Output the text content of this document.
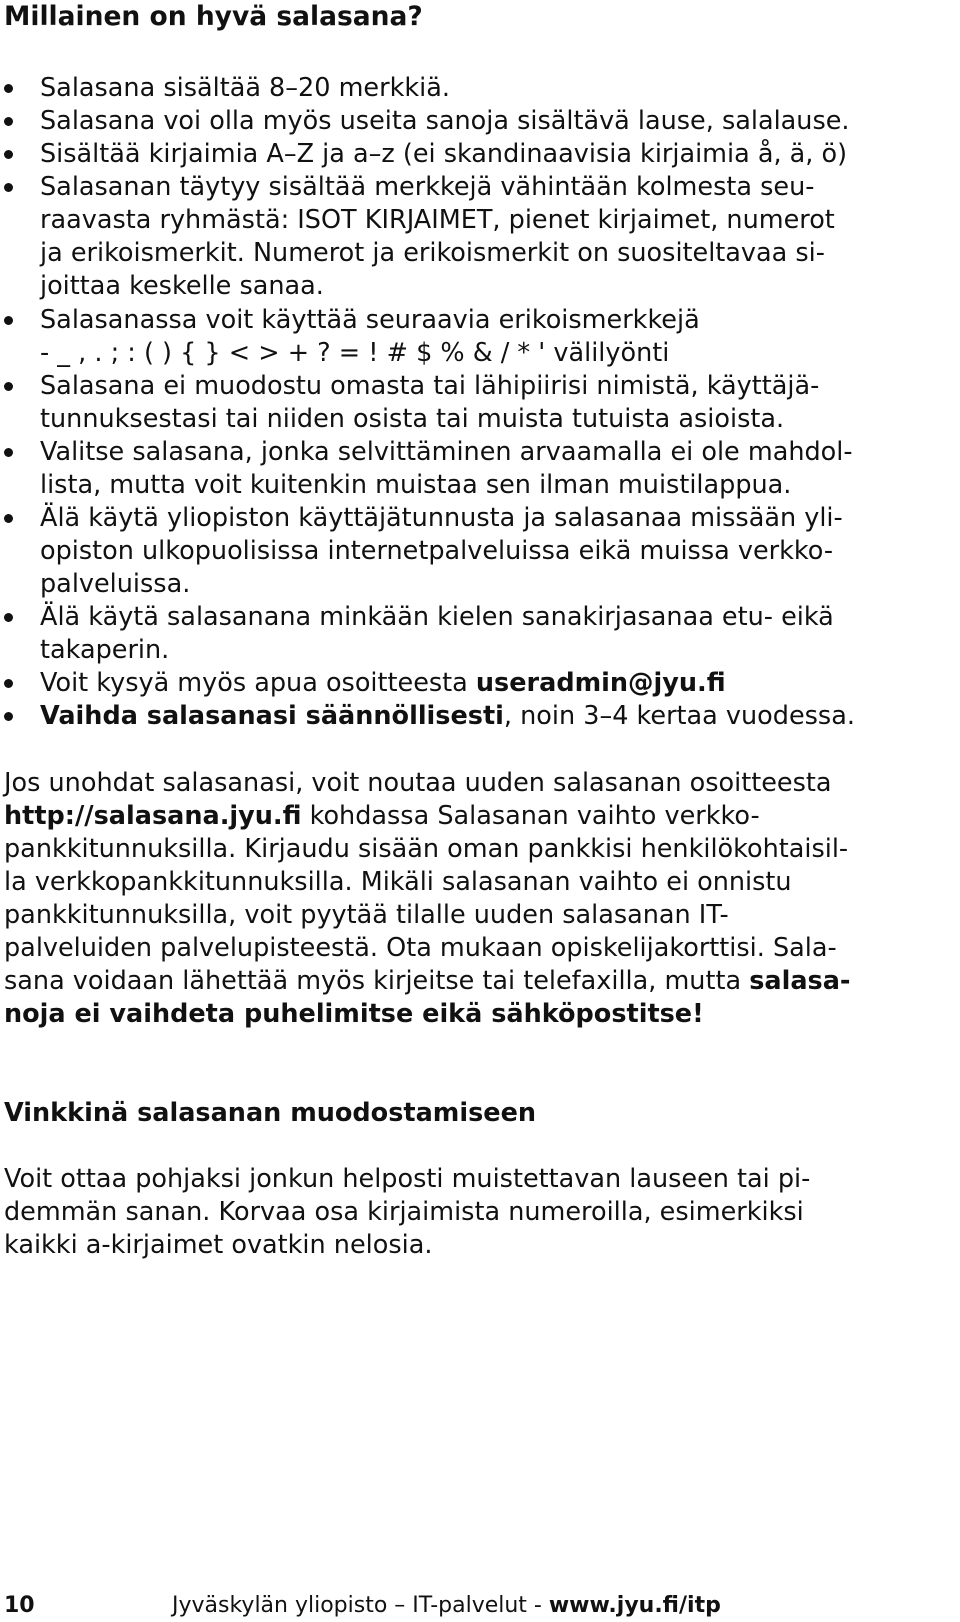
Millainen on hyvä salasana?
Salasana sisältää 8–20 merkkiä.
Salasana voi olla myös useita sanoja sisältävä lause, salalause.
Sisältää kirjaimia A–Z ja a–z (ei skandinaavisia kirjaimia å, ä, ö)
Salasanan täytyy sisältää merkkejä vähintään kolmesta seu-
raavasta ryhmästä: ISOT KIRJAIMET, pienet kirjaimet, numerot
ja erikoismerkit. Numerot ja erikoismerkit on suositeltavaa si-
joittaa keskelle sanaa.
Salasanassa voit käyttää seuraavia erikoismerkkejä
- _ , . ; : ( ) { } < > + ? = ! # $ % & / * ' välilyönti
Salasana ei muodostu omasta tai lähipiirisi nimistä, käyttäjä-
tunnuksestasi tai niiden osista tai muista tutuista asioista.
Valitse salasana, jonka selvittäminen arvaamalla ei ole mahdol-
lista, mutta voit kuitenkin muistaa sen ilman muistilappua.
Älä käytä yliopiston käyttäjätunnusta ja salasanaa missään yli-
opiston ulkopuolisissa internetpalveluissa eikä muissa verkko-
palveluissa.
Älä käytä salasanana minkään kielen sanakirjasanaa etu- eikä
takaperin.
Voit kysyä myös apua osoitteesta useradmin@jyu.fi
Vaihda salasanasi säännöllisesti, noin 3–4 kertaa vuodessa.
Jos unohdat salasanasi, voit noutaa uuden salasanan osoitteesta
http://salasana.jyu.fi kohdassa Salasanan vaihto verkko-
pankkitunnuksilla. Kirjaudu sisään oman pankkisi henkilökohtaisil-
la verkkopankkitunnuksilla. Mikäli salasanan vaihto ei onnistu
pankkitunnuksilla, voit pyytää tilalle uuden salasanan IT-
palveluiden palvelupisteestä. Ota mukaan opiskelijakorttisi. Sala-
sana voidaan lähettää myös kirjeitse tai telefaxilla, mutta salasa-
noja ei vaihdeta puhelimitse eikä sähköpostitse!
Vinkkinä salasanan muodostamiseen
Voit ottaa pohjaksi jonkun helposti muistettavan lauseen tai pi-
demmän sanan. Korvaa osa kirjaimista numeroilla, esimerkiksi
kaikki a-kirjaimet ovatkin nelosia.
10	Jyväskylän yliopisto – IT-palvelut - www.jyu.fi/itp
